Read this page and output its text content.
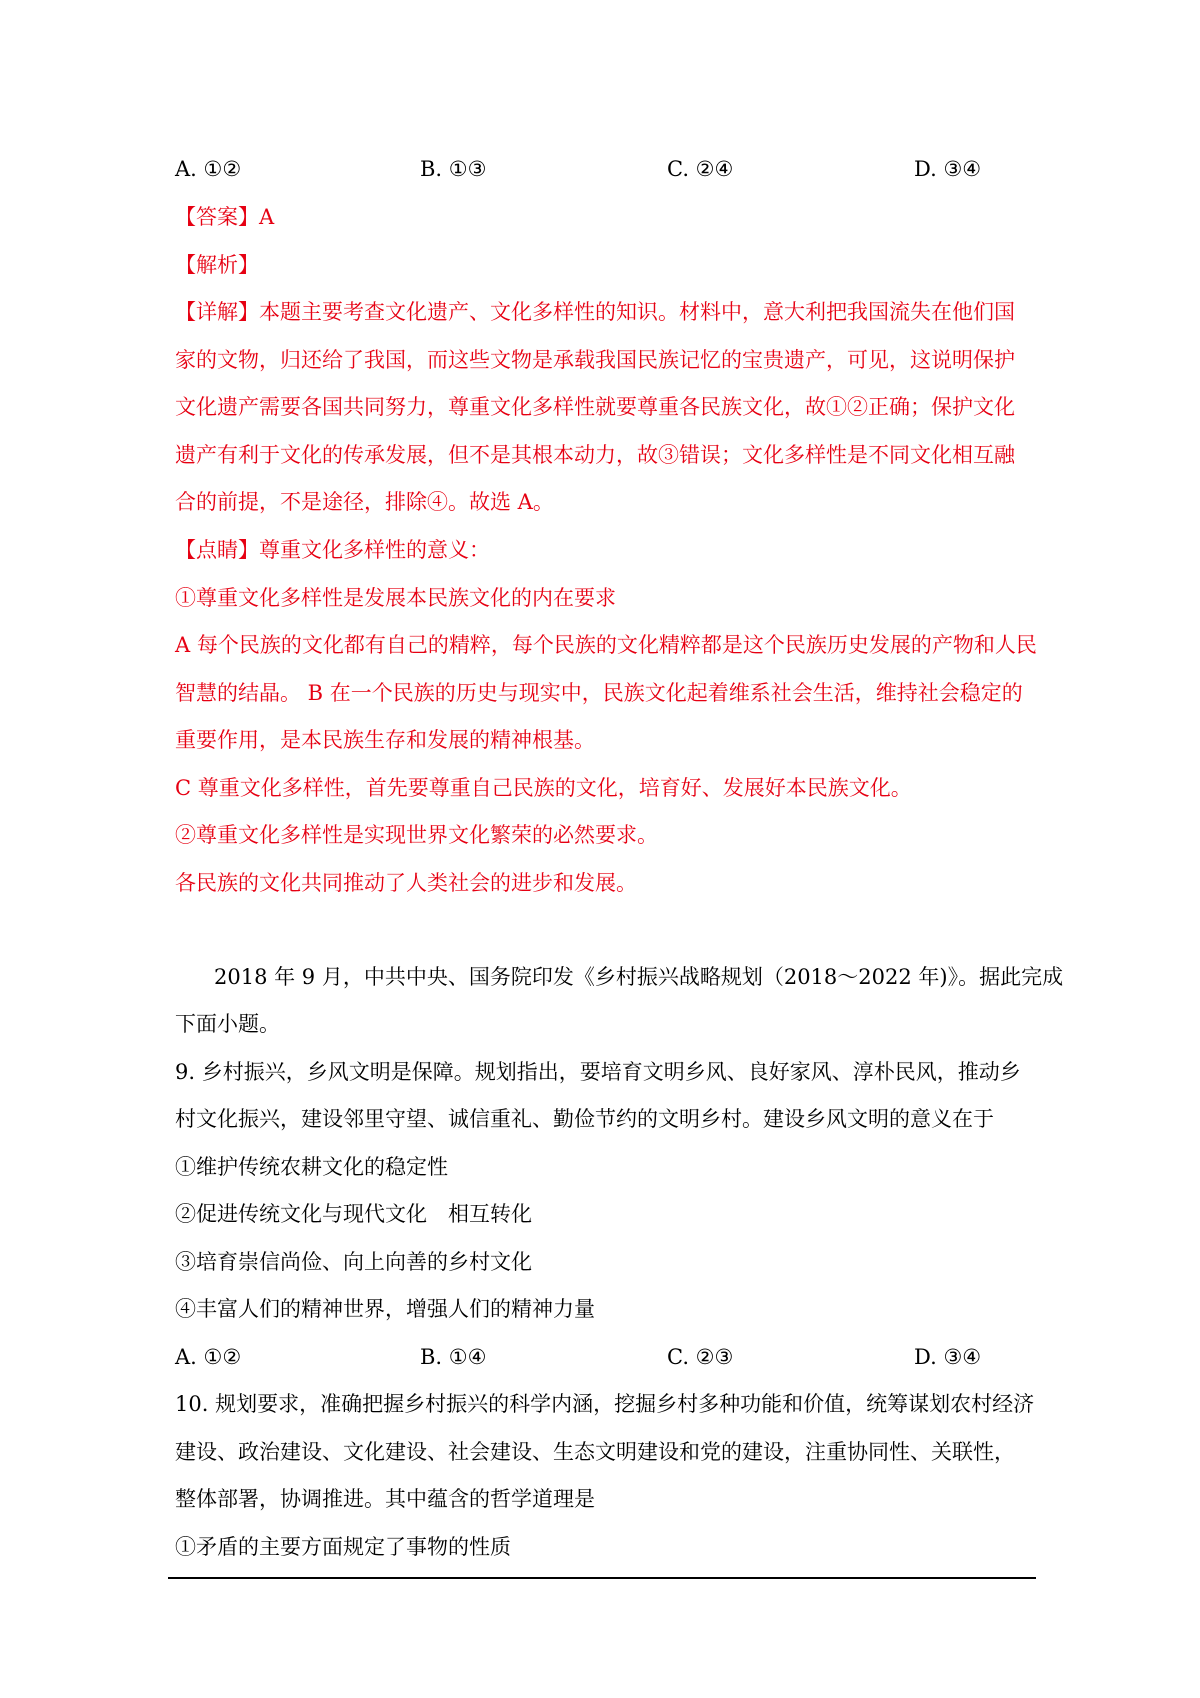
A. ①②	B. ①③	C. ②④	D. ③④
【答案】A
【解析】
【详解】本题主要考查文化遗产、文化多样性的知识。材料中，意大利把我国流失在他们国
家的文物，归还给了我国，而这些文物是承载我国民族记忆的宝贵遗产，可见，这说明保护
文化遗产需要各国共同努力，尊重文化多样性就要尊重各民族文化，故①②正确；保护文化
遗产有利于文化的传承发展，但不是其根本动力，故③错误；文化多样性是不同文化相互融
合的前提，不是途径，排除④。故选 A。
【点睛】尊重文化多样性的意义：
①尊重文化多样性是发展本民族文化的内在要求
A 每个民族的文化都有自己的精粹，每个民族的文化精粹都是这个民族历史发展的产物和人民
智慧的结晶。 B 在一个民族的历史与现实中，民族文化起着维系社会生活，维持社会稳定的
重要作用，是本民族生存和发展的精神根基。
C 尊重文化多样性，首先要尊重自己民族的文化，培育好、发展好本民族文化。
②尊重文化多样性是实现世界文化繁荣的必然要求。
各民族的文化共同推动了人类社会的进步和发展。
2018 年 9 月，中共中央、国务院印发《乡村振兴战略规划（2018～2022 年)》。据此完成
下面小题。
9. 乡村振兴，乡风文明是保障。规划指出，要培育文明乡风、良好家风、淳朴民风，推动乡
村文化振兴，建设邻里守望、诚信重礼、勤俭节约的文明乡村。建设乡风文明的意义在于
①维护传统农耕文化的稳定性
②促进传统文化与现代文化　相互转化
③培育崇信尚俭、向上向善的乡村文化
④丰富人们的精神世界，增强人们的精神力量
A. ①②	B. ①④	C. ②③	D. ③④
10. 规划要求，准确把握乡村振兴的科学内涵，挖掘乡村多种功能和价值，统筹谋划农村经济
建设、政治建设、文化建设、社会建设、生态文明建设和党的建设，注重协同性、关联性，
整体部署，协调推进。其中蕴含的哲学道理是
①矛盾的主要方面规定了事物的性质
